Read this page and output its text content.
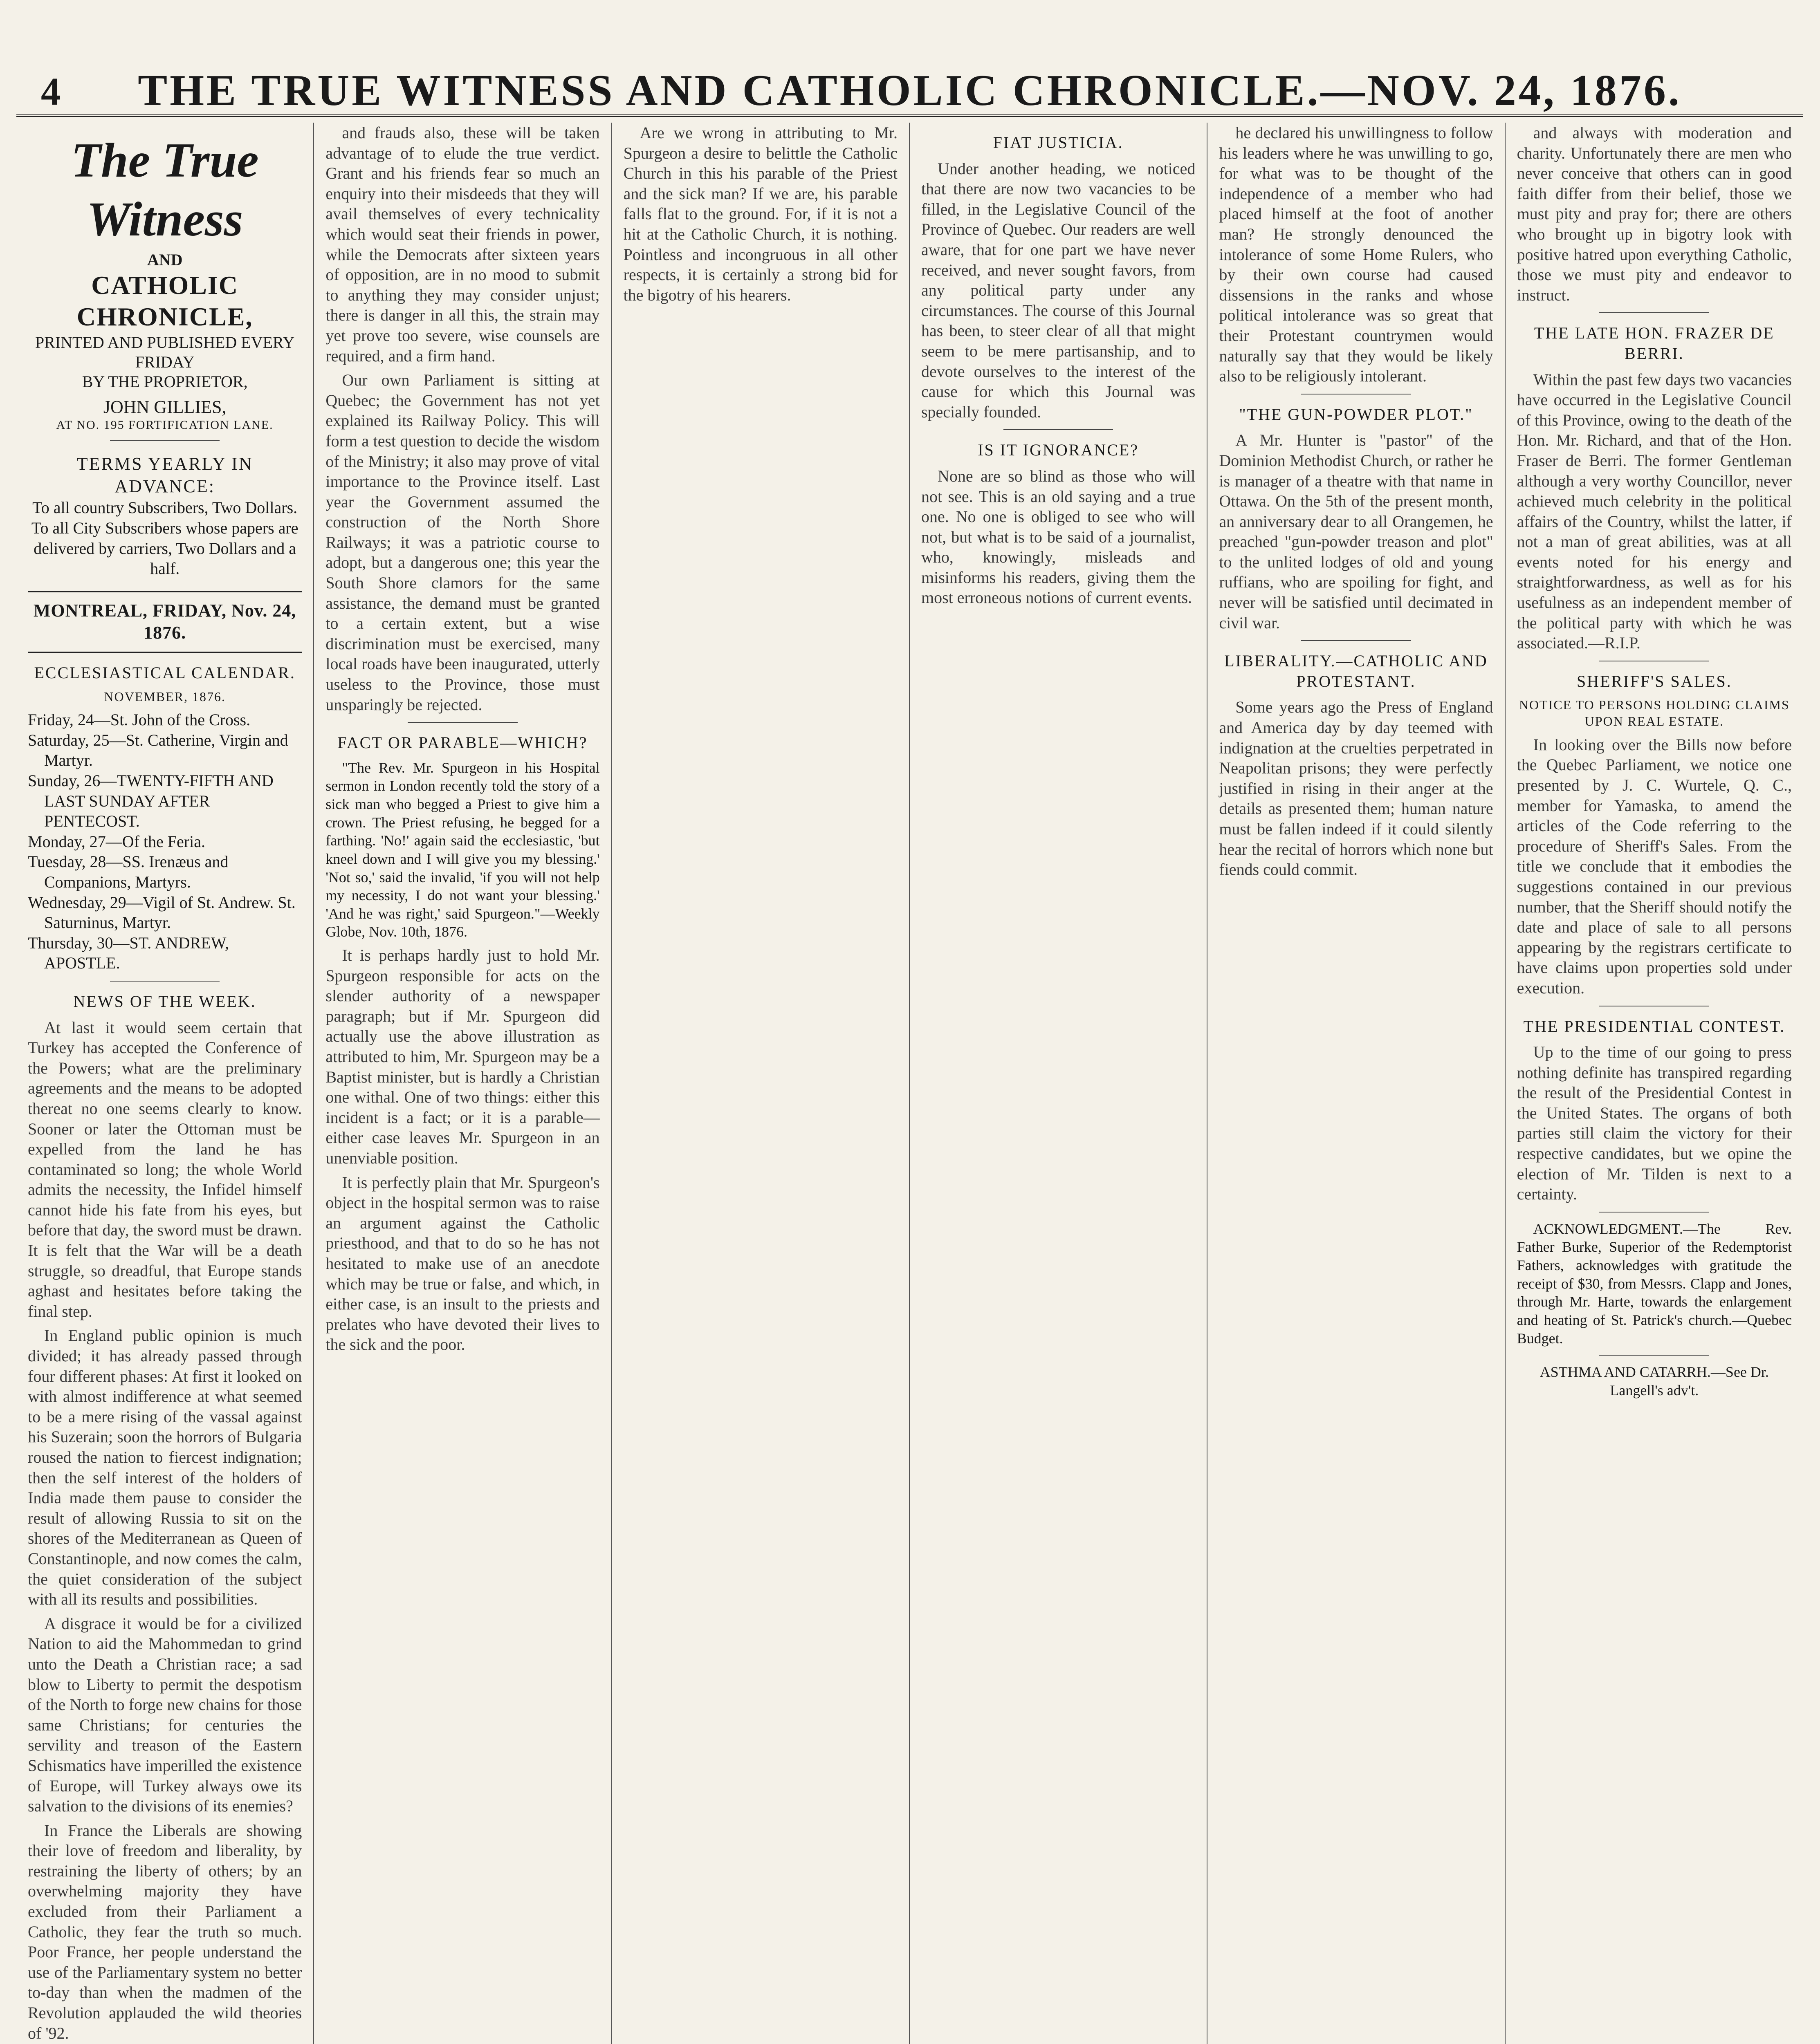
4	THE TRUE WITNESS AND CATHOLIC CHRONICLE.—NOV. 24, 1876.
The True Witness
AND
CATHOLIC CHRONICLE,
PRINTED AND PUBLISHED EVERY FRIDAY
BY THE PROPRIETOR,
JOHN GILLIES,
AT NO. 195 FORTIFICATION LANE.
TERMS YEARLY IN ADVANCE:
To all country Subscribers, Two Dollars.
To all City Subscribers whose papers are delivered by carriers, Two Dollars and a half.
MONTREAL, FRIDAY, Nov. 24, 1876.
ECCLESIASTICAL CALENDAR.
NOVEMBER, 1876.

Friday, 24—St. John of the Cross.

Saturday, 25—St. Catherine, Virgin and Martyr.

Sunday, 26—TWENTY-FIFTH AND LAST SUNDAY AFTER PENTECOST.

Monday, 27—Of the Feria.

Tuesday, 28—SS. Irenæus and Companions, Martyrs.

Wednesday, 29—Vigil of St. Andrew. St. Saturninus, Martyr.

Thursday, 30—ST. ANDREW, APOSTLE.

NEWS OF THE WEEK.

At last it would seem certain that Turkey has accepted the Conference of the Powers; what are the preliminary agreements and the means to be adopted thereat no one seems clearly to know. Sooner or later the Ottoman must be expelled from the land he has contaminated so long; the whole World admits the necessity, the Infidel himself cannot hide his fate from his eyes, but before that day, the sword must be drawn. It is felt that the War will be a death struggle, so dreadful, that Europe stands aghast and hesitates before taking the final step.

In England public opinion is much divided; it has already passed through four different phases: At first it looked on with almost indifference at what seemed to be a mere rising of the vassal against his Suzerain; soon the horrors of Bulgaria roused the nation to fiercest indignation; then the self interest of the holders of India made them pause to consider the result of allowing Russia to sit on the shores of the Mediterranean as Queen of Constantinople, and now comes the calm, the quiet consideration of the subject with all its results and possibilities.

A disgrace it would be for a civilized Nation to aid the Mahommedan to grind unto the Death a Christian race; a sad blow to Liberty to permit the despotism of the North to forge new chains for those same Christians; for centuries the servility and treason of the Eastern Schismatics have imperilled the existence of Europe, will Turkey always owe its salvation to the divisions of its enemies?

In France the Liberals are showing their love of freedom and liberality, by restraining the liberty of others; by an overwhelming majority they have excluded from their Parliament a Catholic, they fear the truth so much. Poor France, her people understand the use of the Parliamentary system no better to-day than when the madmen of the Revolution applauded the wild theories of '92.

and frauds also, these will be taken advantage of to elude the true verdict. Grant and his friends fear so much an enquiry into their misdeeds that they will avail themselves of every technicality which would seat their friends in power, while the Democrats after sixteen years of opposition, are in no mood to submit to anything they may consider unjust; there is danger in all this, the strain may yet prove too severe, wise counsels are required, and a firm hand.

Our own Parliament is sitting at Quebec; the Government has not yet explained its Railway Policy. This will form a test question to decide the wisdom of the Ministry; it also may prove of vital importance to the Province itself. Last year the Government assumed the construction of the North Shore Railways; it was a patriotic course to adopt, but a dangerous one; this year the South Shore clamors for the same assistance, the demand must be granted to a certain extent, but a wise discrimination must be exercised, many local roads have been inaugurated, utterly useless to the Province, those must unsparingly be rejected.

FACT OR PARABLE—WHICH?

"The Rev. Mr. Spurgeon in his Hospital sermon in London recently told the story of a sick man who begged a Priest to give him a crown. The Priest refusing, he begged for a farthing. 'No!' again said the ecclesiastic, 'but kneel down and I will give you my blessing.' 'Not so,' said the invalid, 'if you will not help my necessity, I do not want your blessing.' 'And he was right,' said Spurgeon."—Weekly Globe, Nov. 10th, 1876.

It is perhaps hardly just to hold Mr. Spurgeon responsible for acts on the slender authority of a newspaper paragraph; but if Mr. Spurgeon did actually use the above illustration as attributed to him, Mr. Spurgeon may be a Baptist minister, but is hardly a Christian one withal. One of two things: either this incident is a fact; or it is a parable—either case leaves Mr. Spurgeon in an unenviable position.

It is perfectly plain that Mr. Spurgeon's object in the hospital sermon was to raise an argument against the Catholic priesthood, and that to do so he has not hesitated to make use of an anecdote which may be true or false, and which, in either case, is an insult to the priests and prelates who have devoted their lives to the sick and the poor.

Are we wrong in attributing to Mr. Spurgeon a desire to belittle the Catholic Church in this his parable of the Priest and the sick man? If we are, his parable falls flat to the ground. For, if it is not a hit at the Catholic Church, it is nothing. Pointless and incongruous in all other respects, it is certainly a strong bid for the bigotry of his hearers.

FIAT JUSTICIA.

Under another heading, we noticed that there are now two vacancies to be filled, in the Legislative Council of the Province of Quebec. Our readers are well aware, that for one part we have never received, and never sought favors, from any political party under any circumstances. The course of this Journal has been, to steer clear of all that might seem to be mere partisanship, and to devote ourselves to the interest of the cause for which this Journal was specially founded.

IS IT IGNORANCE?

None are so blind as those who will not see. This is an old saying and a true one. No one is obliged to see who will not, but what is to be said of a journalist, who, knowingly, misleads and misinforms his readers, giving them the most erroneous notions of current events.

he declared his unwillingness to follow his leaders where he was unwilling to go, for what was to be thought of the independence of a member who had placed himself at the foot of another man? He strongly denounced the intolerance of some Home Rulers, who by their own course had caused dissensions in the ranks and whose political intolerance was so great that their Protestant countrymen would naturally say that they would be likely also to be religiously intolerant.

"THE GUN-POWDER PLOT."

A Mr. Hunter is "pastor" of the Dominion Methodist Church, or rather he is manager of a theatre with that name in Ottawa. On the 5th of the present month, an anniversary dear to all Orangemen, he preached "gun-powder treason and plot" to the unlited lodges of old and young ruffians, who are spoiling for fight, and never will be satisfied until decimated in civil war.

LIBERALITY.—CATHOLIC AND PROTESTANT.

Some years ago the Press of England and America day by day teemed with indignation at the cruelties perpetrated in Neapolitan prisons; they were perfectly justified in rising in their anger at the details as presented them; human nature must be fallen indeed if it could silently hear the recital of horrors which none but fiends could commit.

and always with moderation and charity. Unfortunately there are men who never conceive that others can in good faith differ from their belief, those we must pity and pray for; there are others who brought up in bigotry look with positive hatred upon everything Catholic, those we must pity and endeavor to instruct.

THE LATE HON. FRAZER DE BERRI.

Within the past few days two vacancies have occurred in the Legislative Council of this Province, owing to the death of the Hon. Mr. Richard, and that of the Hon. Fraser de Berri. The former Gentleman although a very worthy Councillor, never achieved much celebrity in the political affairs of the Country, whilst the latter, if not a man of great abilities, was at all events noted for his energy and straightforwardness, as well as for his usefulness as an independent member of the political party with which he was associated.—R.I.P.

SHERIFF'S SALES.
NOTICE TO PERSONS HOLDING CLAIMS UPON REAL ESTATE.

In looking over the Bills now before the Quebec Parliament, we notice one presented by J. C. Wurtele, Q. C., member for Yamaska, to amend the articles of the Code referring to the procedure of Sheriff's Sales. From the title we conclude that it embodies the suggestions contained in our previous number, that the Sheriff should notify the date and place of sale to all persons appearing by the registrars certificate to have claims upon properties sold under execution.

THE PRESIDENTIAL CONTEST.

Up to the time of our going to press nothing definite has transpired regarding the result of the Presidential Contest in the United States. The organs of both parties still claim the victory for their respective candidates, but we opine the election of Mr. Tilden is next to a certainty.

ACKNOWLEDGMENT.—The Rev. Father Burke, Superior of the Redemptorist Fathers, acknowledges with gratitude the receipt of $30, from Messrs. Clapp and Jones, through Mr. Harte, towards the enlargement and heating of St. Patrick's church.—Quebec Budget.

ASTHMA AND CATARRH.—See Dr. Langell's adv't.
